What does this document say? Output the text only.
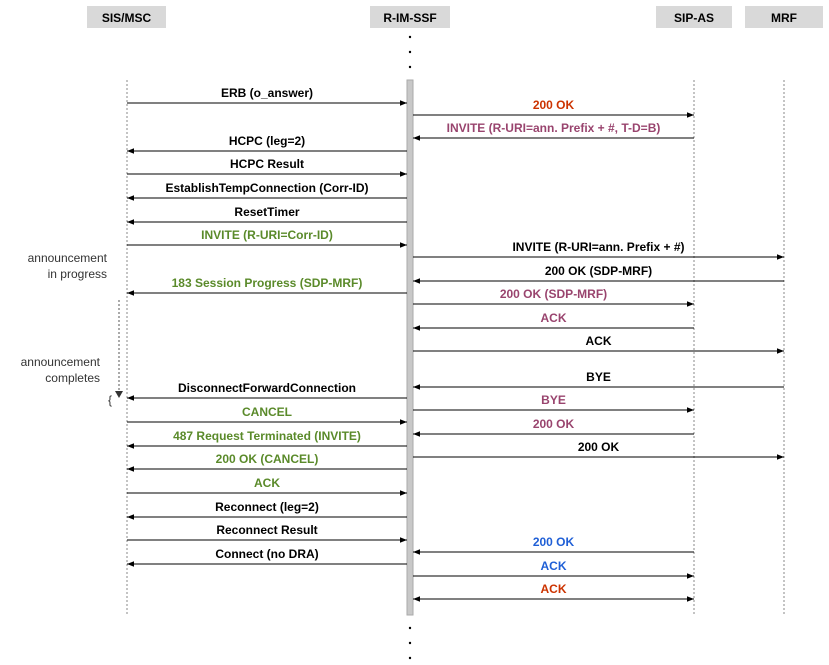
SIS/MSC	R-IM-SSF	SIP-AS	MRF
announcement in progress
announcement completes
{
ERB (o_answer)
200 OK
INVITE (R-URI=ann. Prefix + #, T-D=B)
HCPC (leg=2)
HCPC Result
EstablishTempConnection (Corr-ID)
ResetTimer
INVITE (R-URI=Corr-ID)
INVITE (R-URI=ann. Prefix + #)
200 OK (SDP-MRF)
183 Session Progress (SDP-MRF)
200 OK (SDP-MRF)
ACK
ACK
BYE
DisconnectForwardConnection
BYE
CANCEL
200 OK
487 Request Terminated (INVITE)
200 OK
200 OK (CANCEL)
ACK
Reconnect (leg=2)
Reconnect Result
200 OK
Connect (no DRA)
ACK
ACK
